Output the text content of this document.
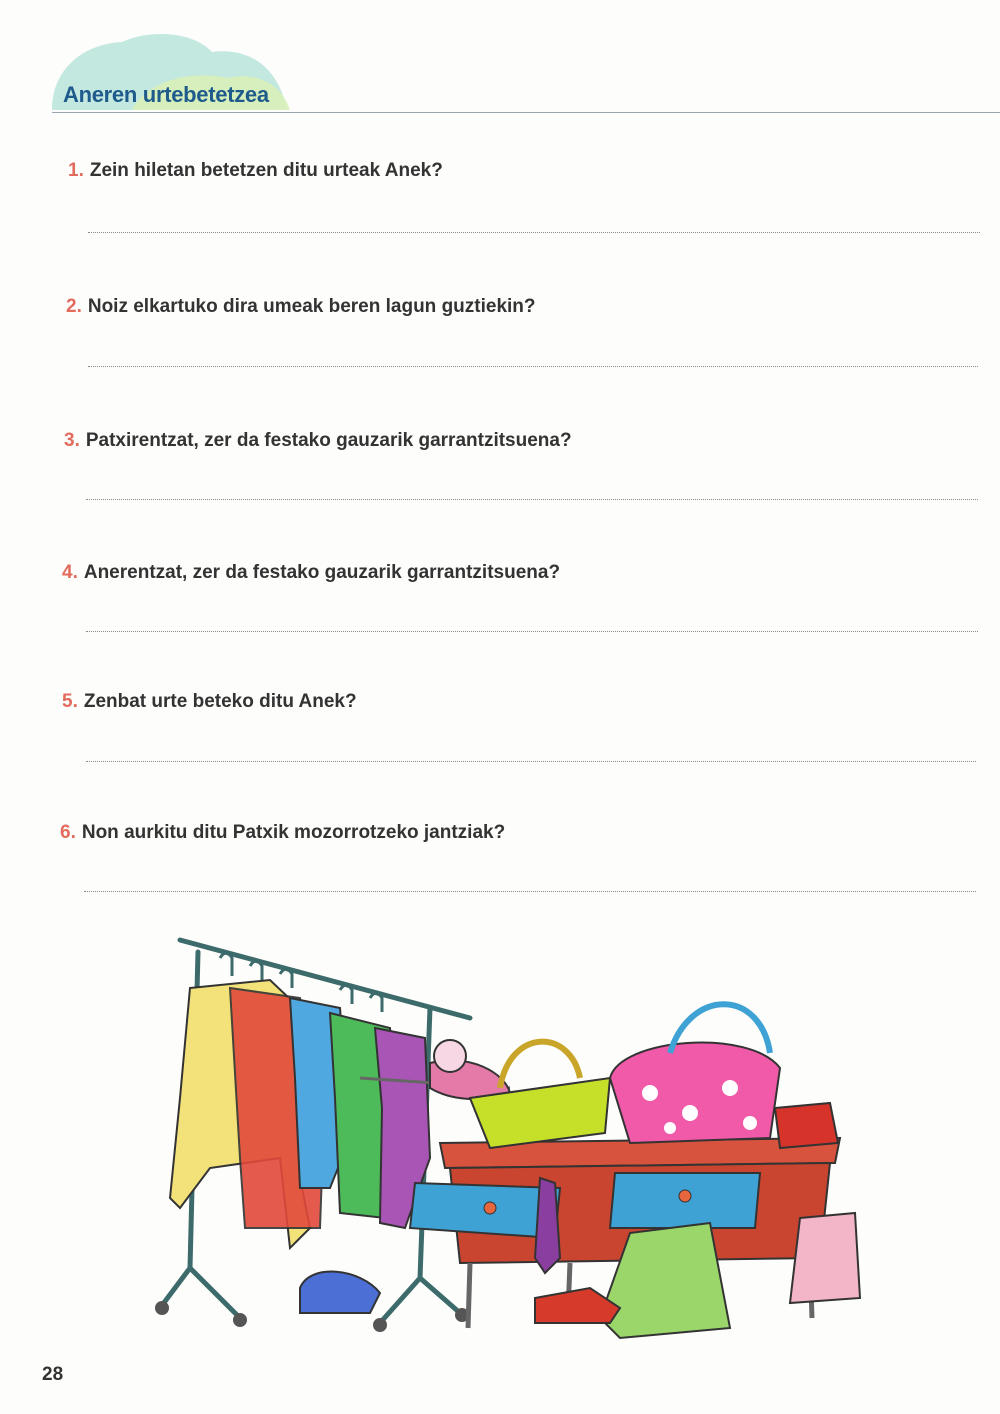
Aneren urtebetetzea
1. Zein hiletan betetzen ditu urteak Anek?
2. Noiz elkartuko dira umeak beren lagun guztiekin?
3. Patxirentzat, zer da festako gauzarik garrantzitsuena?
4. Anerentzat, zer da festako gauzarik garrantzitsuena?
5. Zenbat urte beteko ditu Anek?
6. Non aurkitu ditu Patxik mozorrotzeko jantziak?
28
